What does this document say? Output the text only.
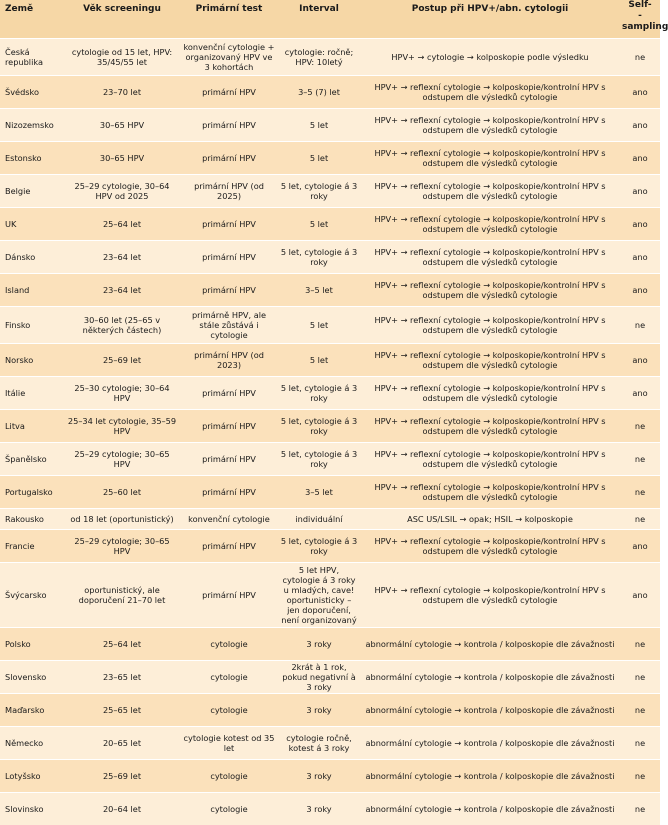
Země	Věk screeningu	Primární test	Interval	Postup při HPV+/abn. cytologii	Self-
-sampling
Česká republika	cytologie od 15 let, HPV: 35/45/55 let	konvenční cytologie + organizovaný HPV ve 3 kohortách	cytologie: ročně; HPV: 10letý	HPV+ → cytologie → kolposkopie podle výsledku	ne
Švédsko	23–70 let	primární HPV	3–5 (7) let	HPV+ → reflexní cytologie → kolposkopie/kontrolní HPV s odstupem dle výsledků cytologie	ano
Nizozemsko	30–65 HPV	primární HPV	5 let	HPV+ → reflexní cytologie → kolposkopie/kontrolní HPV s odstupem dle výsledků cytologie	ano
Estonsko	30–65 HPV	primární HPV	5 let	HPV+ → reflexní cytologie → kolposkopie/kontrolní HPV s odstupem dle výsledků cytologie	ano
Belgie	25–29 cytologie, 30–64 HPV od 2025	primární HPV (od 2025)	5 let, cytologie á 3 roky	HPV+ → reflexní cytologie → kolposkopie/kontrolní HPV s odstupem dle výsledků cytologie	ano
UK	25–64 let	primární HPV	5 let	HPV+ → reflexní cytologie → kolposkopie/kontrolní HPV s odstupem dle výsledků cytologie	ano
Dánsko	23–64 let	primární HPV	5 let, cytologie á 3 roky	HPV+ → reflexní cytologie → kolposkopie/kontrolní HPV s odstupem dle výsledků cytologie	ano
Island	23–64 let	primární HPV	3–5 let	HPV+ → reflexní cytologie → kolposkopie/kontrolní HPV s odstupem dle výsledků cytologie	ano
Finsko	30–60 let (25–65 v některých částech)	primárně HPV, ale stále zůstává i cytologie	5 let	HPV+ → reflexní cytologie → kolposkopie/kontrolní HPV s odstupem dle výsledků cytologie	ne
Norsko	25–69 let	primární HPV (od 2023)	5 let	HPV+ → reflexní cytologie → kolposkopie/kontrolní HPV s odstupem dle výsledků cytologie	ano
Itálie	25–30 cytologie; 30–64 HPV	primární HPV	5 let, cytologie á 3 roky	HPV+ → reflexní cytologie → kolposkopie/kontrolní HPV s odstupem dle výsledků cytologie	ano
Litva	25–34 let cytologie, 35–59 HPV	primární HPV	5 let, cytologie á 3 roky	HPV+ → reflexní cytologie → kolposkopie/kontrolní HPV s odstupem dle výsledků cytologie	ne
Španělsko	25–29 cytologie; 30–65 HPV	primární HPV	5 let, cytologie á 3 roky	HPV+ → reflexní cytologie → kolposkopie/kontrolní HPV s odstupem dle výsledků cytologie	ne
Portugalsko	25–60 let	primární HPV	3–5 let	HPV+ → reflexní cytologie → kolposkopie/kontrolní HPV s odstupem dle výsledků cytologie	ne
Rakousko	od 18 let (oportunistický)	konvenční cytologie	individuální	ASC US/LSIL → opak; HSIL → kolposkopie	ne
Francie	25–29 cytologie; 30–65 HPV	primární HPV	5 let, cytologie á 3 roky	HPV+ → reflexní cytologie → kolposkopie/kontrolní HPV s odstupem dle výsledků cytologie	ano
Švýcarsko	oportunistický, ale doporučení 21–70 let	primární HPV	5 let HPV, cytologie á 3 roky u mladých, cave! oportunisticky – jen doporučení, není organizovaný	HPV+ → reflexní cytologie → kolposkopie/kontrolní HPV s odstupem dle výsledků cytologie	ano
Polsko	25–64 let	cytologie	3 roky	abnormální cytologie → kontrola / kolposkopie dle závažnosti	ne
Slovensko	23–65 let	cytologie	2krát à 1 rok, pokud negativní à 3 roky	abnormální cytologie → kontrola / kolposkopie dle závažnosti	ne
Maďarsko	25–65 let	cytologie	3 roky	abnormální cytologie → kontrola / kolposkopie dle závažnosti	ne
Německo	20–65 let	cytologie kotest od 35 let	cytologie ročně, kotest á 3 roky	abnormální cytologie → kontrola / kolposkopie dle závažnosti	ne
Lotyšsko	25–69 let	cytologie	3 roky	abnormální cytologie → kontrola / kolposkopie dle závažnosti	ne
Slovinsko	20–64 let	cytologie	3 roky	abnormální cytologie → kontrola / kolposkopie dle závažnosti	ne
